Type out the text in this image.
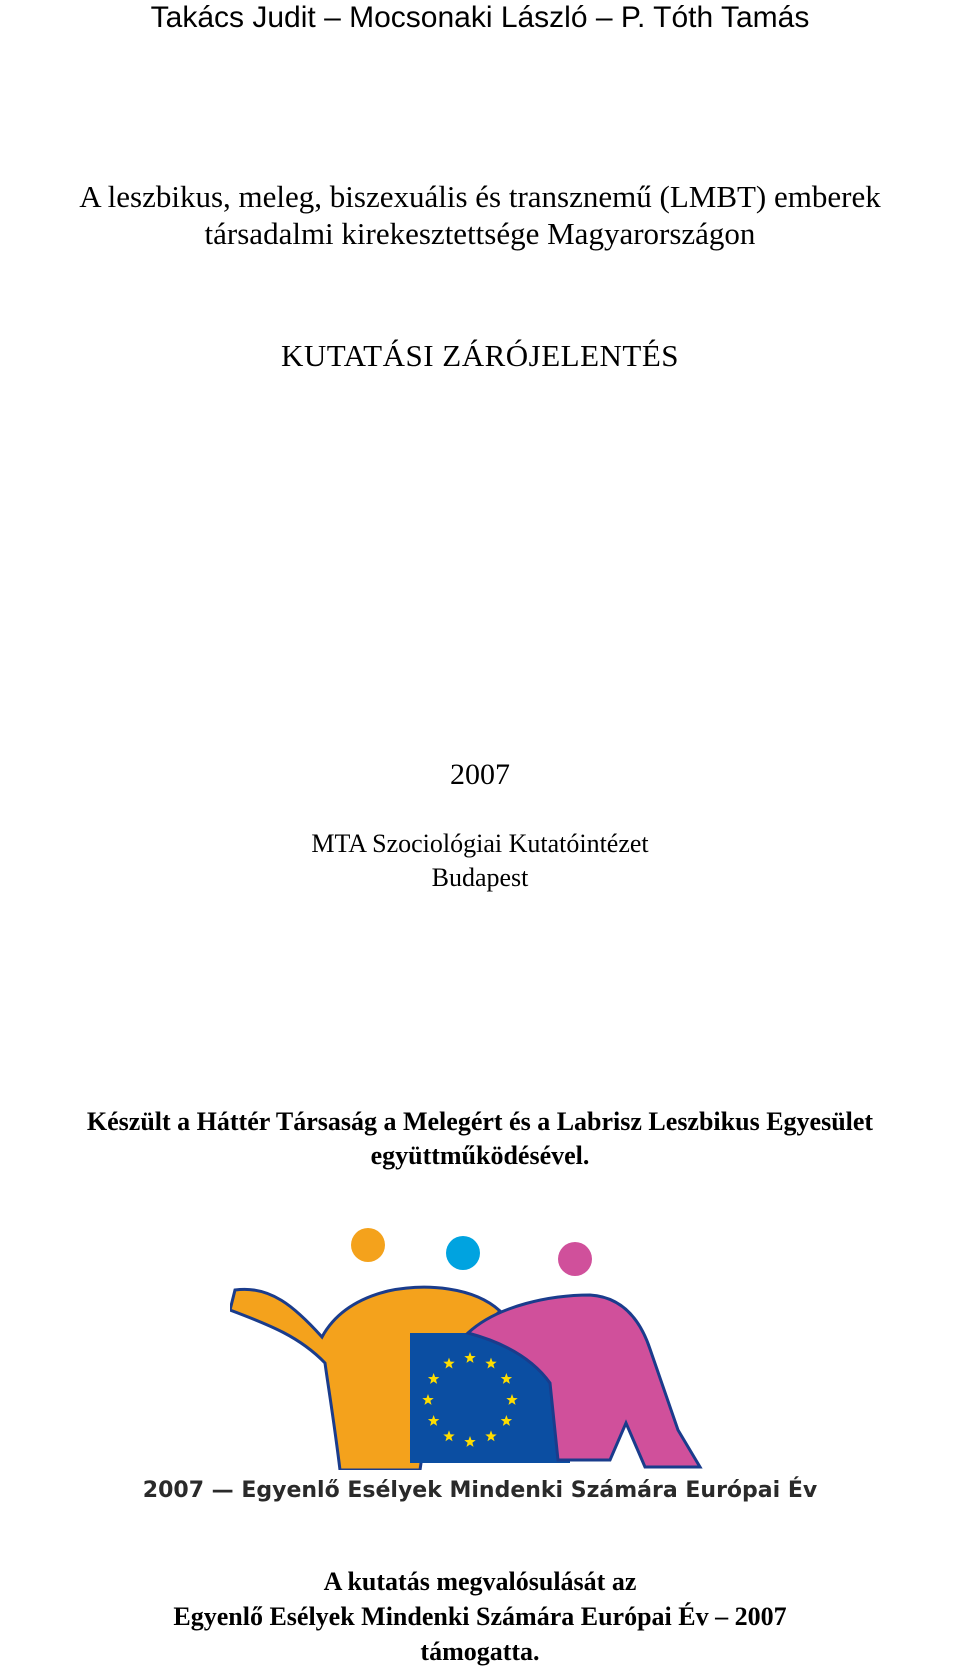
Takács Judit – Mocsonaki László – P. Tóth Tamás
A leszbikus, meleg, biszexuális és transznemű (LMBT) emberek
társadalmi kirekesztettsége Magyarországon
KUTATÁSI ZÁRÓJELENTÉS
2007
MTA Szociológiai Kutatóintézet
Budapest
Készült a Háttér Társaság a Melegért és a Labrisz Leszbikus Egyesület
együttműködésével.
2007 — Egyenlő Esélyek Mindenki Számára Európai Év
A kutatás megvalósulását az
Egyenlő Esélyek Mindenki Számára Európai Év – 2007
támogatta.
